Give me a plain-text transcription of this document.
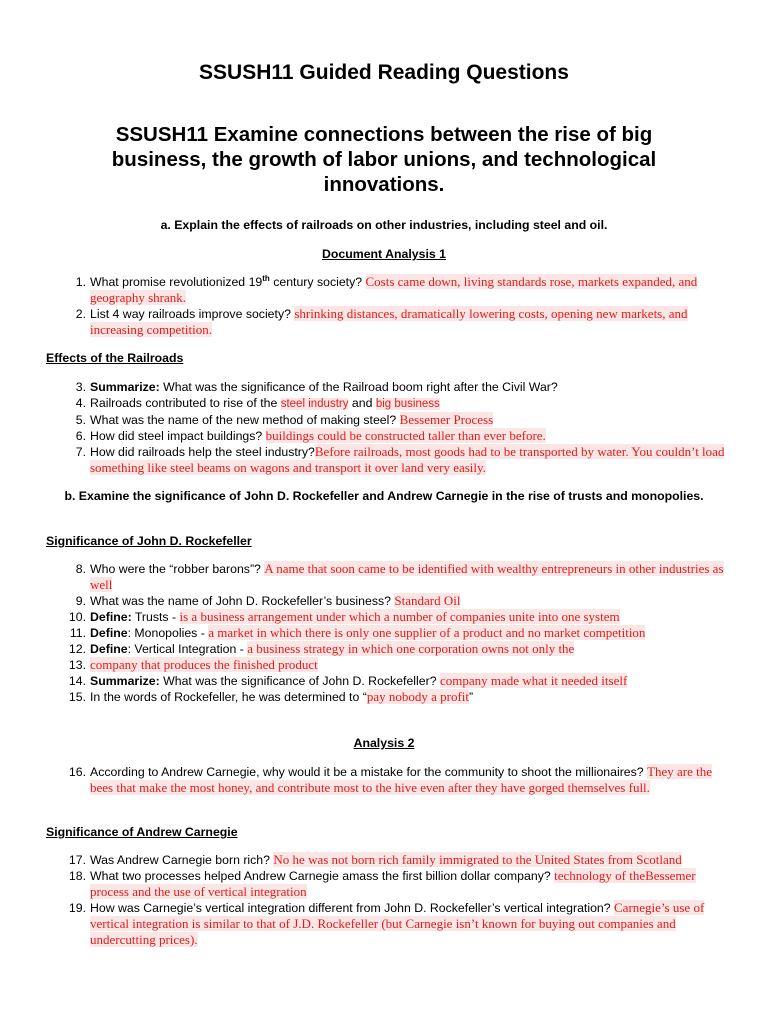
SSUSH11 Guided Reading Questions
SSUSH11 Examine connections between the rise of big business, the growth of labor unions, and technological innovations.
a. Explain the effects of railroads on other industries, including steel and oil.
Document Analysis 1
1. What promise revolutionized 19th century society? Costs came down, living standards rose, markets expanded, and geography shrank.
2. List 4 way railroads improve society? shrinking distances, dramatically lowering costs, opening new markets, and increasing competition.
Effects of the Railroads
3. Summarize: What was the significance of the Railroad boom right after the Civil War?
4. Railroads contributed to rise of the steel industry and big business
5. What was the name of the new method of making steel? Bessemer Process
6. How did steel impact buildings? buildings could be constructed taller than ever before.
7. How did railroads help the steel industry?Before railroads, most goods had to be transported by water. You couldn’t load something like steel beams on wagons and transport it over land very easily.
b. Examine the significance of John D. Rockefeller and Andrew Carnegie in the rise of trusts and monopolies.
Significance of John D. Rockefeller
8. Who were the “robber barons”? A name that soon came to be identified with wealthy entrepreneurs in other industries as well
9. What was the name of John D. Rockefeller’s business? Standard Oil
10. Define: Trusts - is a business arrangement under which a number of companies unite into one system
11. Define: Monopolies - a market in which there is only one supplier of a product and no market competition
12. Define: Vertical Integration - a business strategy in which one corporation owns not only the
13. company that produces the finished product
14. Summarize: What was the significance of John D. Rockefeller? company made what it needed itself
15. In the words of Rockefeller, he was determined to “pay nobody a profit”
Analysis 2
16. According to Andrew Carnegie, why would it be a mistake for the community to shoot the millionaires? They are the bees that make the most honey, and contribute most to the hive even after they have gorged themselves full.
Significance of Andrew Carnegie
17. Was Andrew Carnegie born rich? No he was not born rich family immigrated to the United States from Scotland
18. What two processes helped Andrew Carnegie amass the first billion dollar company? technology of theBessemer process and the use of vertical integration
19. How was Carnegie’s vertical integration different from John D. Rockefeller’s vertical integration? Carnegie’s use of vertical integration is similar to that of J.D. Rockefeller (but Carnegie isn’t known for buying out companies and undercutting prices).
